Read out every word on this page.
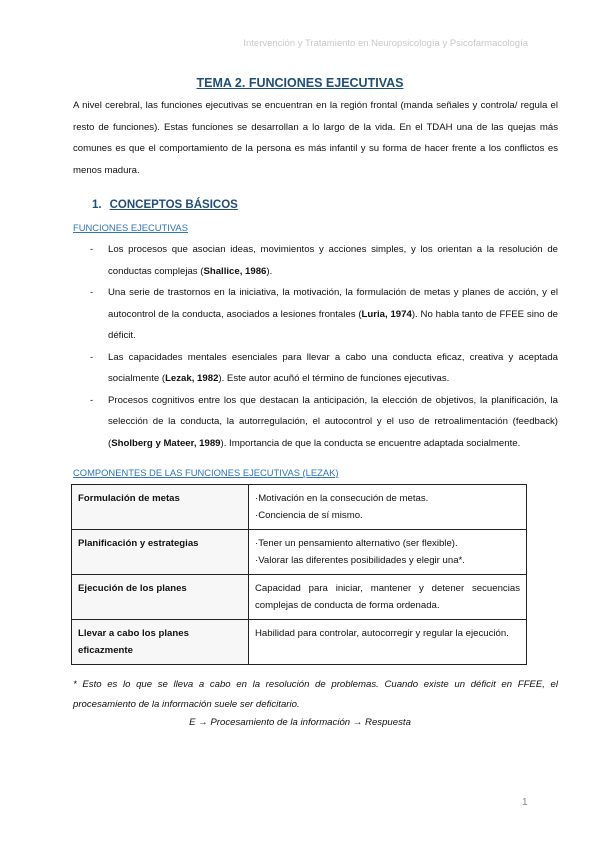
Intervención y Tratamiento en Neuropsicología y Psicofarmacología
TEMA 2. FUNCIONES EJECUTIVAS
A nivel cerebral, las funciones ejecutivas se encuentran en la región frontal (manda señales y controla/ regula el resto de funciones). Estas funciones se desarrollan a lo largo de la vida. En el TDAH una de las quejas más comunes es que el comportamiento de la persona es más infantil y su forma de hacer frente a los conflictos es menos madura.
1. CONCEPTOS BÁSICOS
FUNCIONES EJECUTIVAS
- Los procesos que asocian ideas, movimientos y acciones simples, y los orientan a la resolución de conductas complejas (Shallice, 1986).
- Una serie de trastornos en la iniciativa, la motivación, la formulación de metas y planes de acción, y el autocontrol de la conducta, asociados a lesiones frontales (Luria, 1974). No habla tanto de FFEE sino de déficit.
- Las capacidades mentales esenciales para llevar a cabo una conducta eficaz, creativa y aceptada socialmente (Lezak, 1982). Este autor acuñó el término de funciones ejecutivas.
- Procesos cognitivos entre los que destacan la anticipación, la elección de objetivos, la planificación, la selección de la conducta, la autorregulación, el autocontrol y el uso de retroalimentación (feedback) (Sholberg y Mateer, 1989). Importancia de que la conducta se encuentre adaptada socialmente.
COMPONENTES DE LAS FUNCIONES EJECUTIVAS (LEZAK)
Formulación de metas	·Motivación en la consecución de metas.
·Conciencia de sí mismo.

Planificación y estrategias	·Tener un pensamiento alternativo (ser flexible).
·Valorar las diferentes posibilidades y elegir una*.

Ejecución de los planes	Capacidad para iniciar, mantener y detener secuencias complejas de conducta de forma ordenada.

Llevar a cabo los planes eficazmente	Habilidad para controlar, autocorregir y regular la ejecución.
* Esto es lo que se lleva a cabo en la resolución de problemas. Cuando existe un déficit en FFEE, el procesamiento de la información suele ser deficitario.
E → Procesamiento de la información → Respuesta
1
